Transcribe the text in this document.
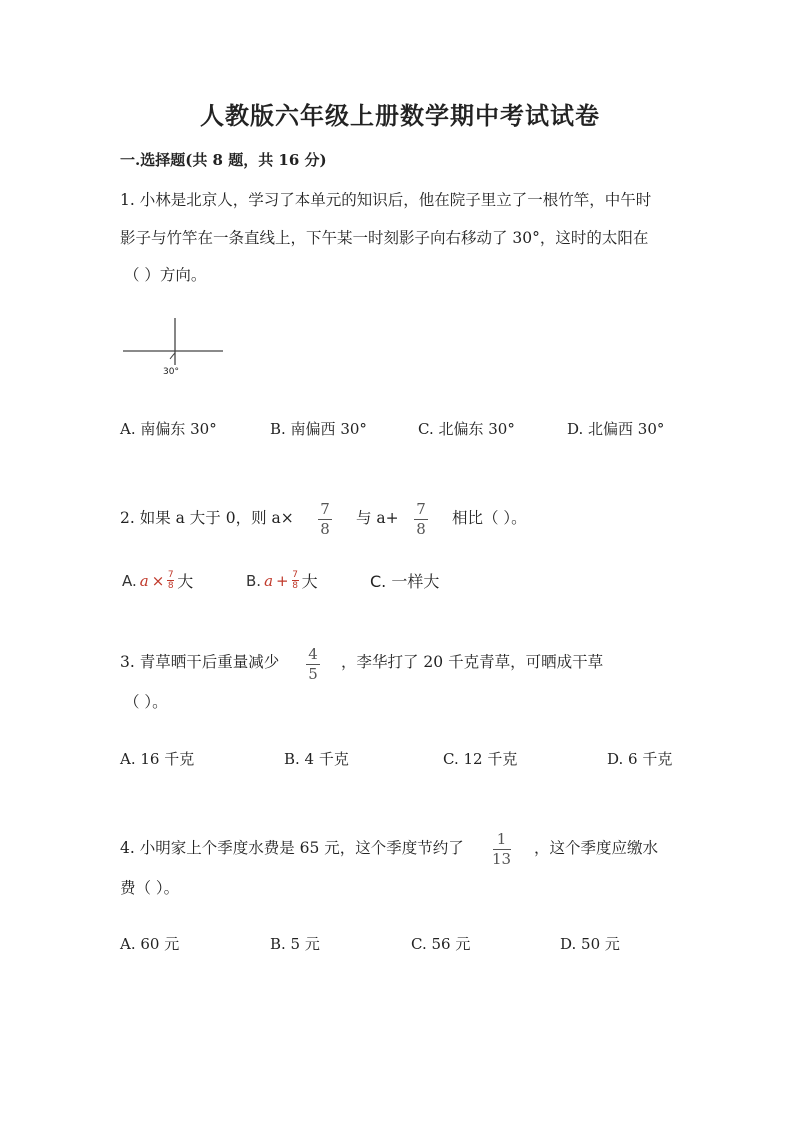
人教版六年级上册数学期中考试试卷
一.选择题(共 8 题，共 16 分)
1. 小林是北京人，学习了本单元的知识后，他在院子里立了一根竹竿，中午时
影子与竹竿在一条直线上，下午某一时刻影子向右移动了 30°，这时的太阳在
（ ）方向。
30°
A. 南偏东 30°	B. 南偏西 30°	C. 北偏东 30°	D. 北偏西 30°
2. 如果 a 大于 0，则 a× 7
8
与 a+ 7
8
相比（ ）。
A. a × 7
8 大	B. a + 7
8 大	C. 一样大
3. 青草晒干后重量减少 4
5
，李华打了 20 千克青草，可晒成干草
（ ）。
A. 16 千克	B. 4 千克	C. 12 千克	D. 6 千克
4. 小明家上个季度水费是 65 元，这个季度节约了 1
13
，这个季度应缴水
费（ ）。
A. 60 元	B. 5 元	C. 56 元	D. 50 元
